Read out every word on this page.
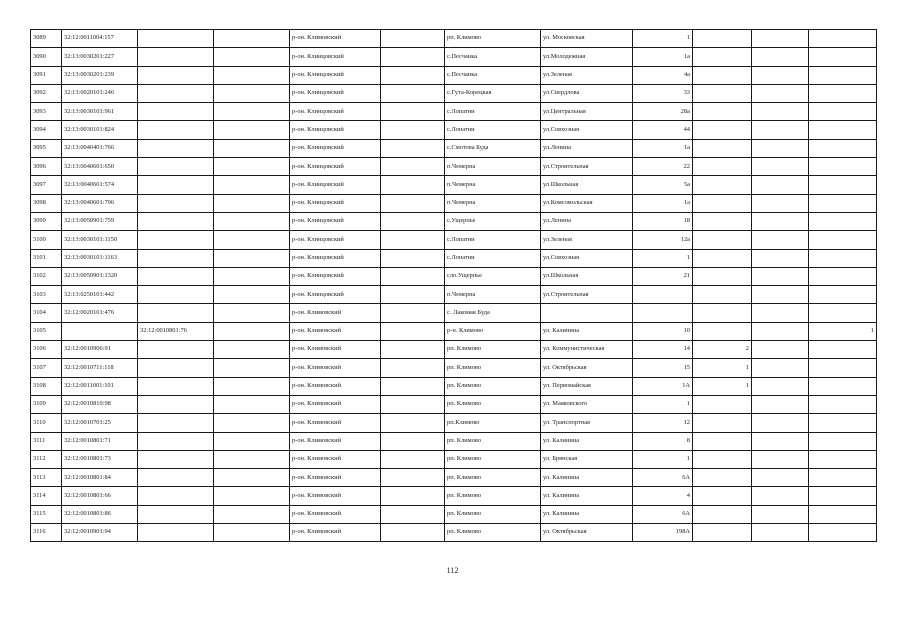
3089	32:12:0011004:157			р-он. Климовский		рп. Климово	ул. Московская	1			
3090	32:13:0030201:227			р-он. Клинцовский		с.Песчанка	ул.Молодежная	1а			
3091	32:13:0030201:239			р-он. Клинцовский		с.Песчанка	ул.Зеленая	4а			
3092	32:13:0020101:246			р-он. Клинцовский		с.Гута-Корецкая	ул.Свердлова	33			
3093	32:13:0030101:961			р-он. Клинцовский		с.Лопатни	ул.Центральная	28а			
3094	32:13:0030101:824			р-он. Клинцовский		с.Лопатни	ул.Совхозная	44			
3095	32:13:0040401:766			р-он. Клинцовский		с.Смотова Буда	ул.Ленина	1а			
3096	32:13:0040601:650			р-он. Клинцовский		п.Чемерна	ул.Строительная	22			
3097	32:13:0040601:574			р-он. Клинцовский		п.Чемерна	ул.Школьная	5а			
3098	32:13:0040601:796			р-он. Клинцовский		п.Чемерна	ул.Комсомольская	1а			
3099	32:13:0050901:759			р-он. Клинцовский		с.Ущерпье	ул.Ленина	18			
3100	32:13:0030101:1150			р-он. Клинцовский		с.Лопатни	ул.Зеленая	12а			
3101	32:13:0030101:1163			р-он. Клинцовский		с.Лопатни	ул.Совхозная	1			
3102	32:13:0050901:1320			р-он. Клинцовский		сло.Ущерпье	ул.Школьная	21			
3103	32:13:0250101:442			р-он. Клинцовский		п.Чемерна	ул.Строительная				
3104	32:12:0020101:476			р-он. Климовский		с. Лакомая Буда					
3105		32:12:0010801:76		р-он. Климовский		р-н. Климово	ул. Калинина	10			1
3106	32:12:0010906:91			р-он. Климовский		рп. Климово	ул. Коммунистическая	14	2		
3107	32:12:0010711:118			р-он. Климовский		рп. Климово	ул. Октябрьская	15	1		
3108	32:12:0011001:101			р-он. Климовский		рп. Климово	ул. Первомайская	1А	1		
3109	32:12:0010810:98			р-он. Климовский		рп. Климово	ул. Маяковского	1			
3110	32:12:0010701:25			р-он. Климовский		рп.Климово	ул. Транспортная	12			
3111	32:12:0010801:71			р-он. Климовский		рп. Климово	ул. Калинина	8			
3112	32:12:0010801:73			р-он. Климовский		рп. Климово	ул. Брянская	1			
3113	32:12:0010801:84			р-он. Климовский		рп. Климово	ул. Калинина	6А			
3114	32:12:0010801:66			р-он. Климовский		рп. Климово	ул. Калинина	4			
3115	32:12:0010801:86			р-он. Климовский		рп. Климово	ул. Калинина	6А			
3116	32:12:0010901:94			р-он. Климовский		рп. Климово	ул. Октябрьская	198А			
112
